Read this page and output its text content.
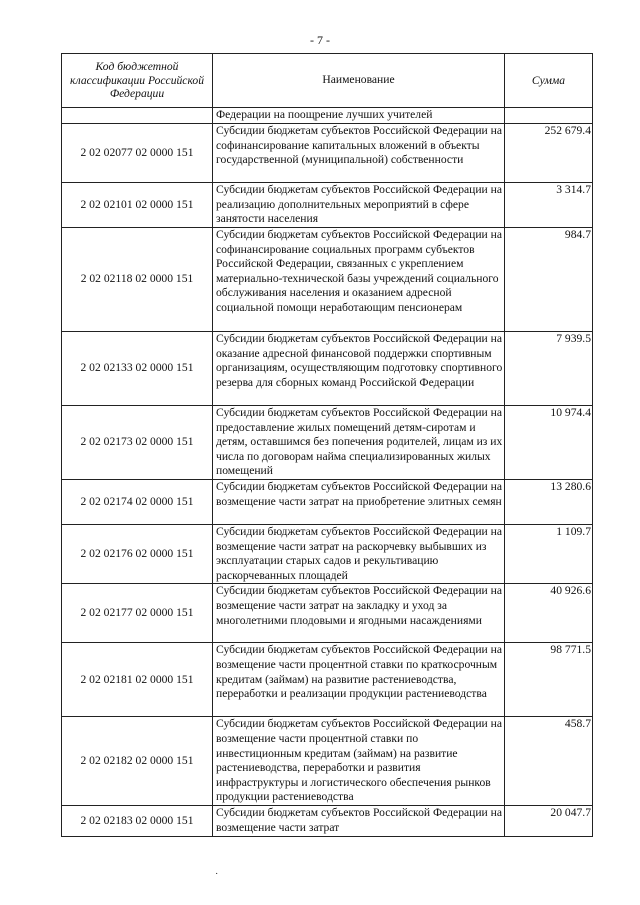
- 7 -
Код бюджетной классификации Российской Федерации	Наименование	Сумма
	Федерации на поощрение лучших учителей	
2 02 02077 02 0000 151	Субсидии бюджетам субъектов Российской Федерации на софинансирование капитальных вложений в объекты государственной (муниципальной) собственности	252 679.4
2 02 02101 02 0000 151	Субсидии бюджетам субъектов Российской Федерации на реализацию дополнительных мероприятий в сфере занятости населения	3 314.7
2 02 02118 02 0000 151	Субсидии бюджетам субъектов Российской Федерации на софинансирование социальных программ субъектов Российской Федерации, связанных с укреплением материально-технической базы учреждений социального обслуживания населения и оказанием адресной социальной помощи неработающим пенсионерам	984.7
2 02 02133 02 0000 151	Субсидии бюджетам субъектов Российской Федерации на оказание адресной финансовой поддержки спортивным организациям, осуществляющим подготовку спортивного резерва для сборных команд Российской Федерации	7 939.5
2 02 02173 02 0000 151	Субсидии бюджетам субъектов Российской Федерации на предоставление жилых помещений детям-сиротам и детям, оставшимся без попечения родителей, лицам из их числа по договорам найма специализированных жилых помещений	10 974.4
2 02 02174 02 0000 151	Субсидии бюджетам субъектов Российской Федерации на возмещение части затрат на приобретение элитных семян	13 280.6
2 02 02176 02 0000 151	Субсидии бюджетам субъектов Российской Федерации на возмещение части затрат на раскорчевку выбывших из эксплуатации старых садов и рекультивацию раскорчеванных площадей	1 109.7
2 02 02177 02 0000 151	Субсидии бюджетам субъектов Российской Федерации на возмещение части затрат на закладку и уход за многолетними плодовыми и ягодными насаждениями	40 926.6
2 02 02181 02 0000 151	Субсидии бюджетам субъектов Российской Федерации на возмещение части процентной ставки по краткосрочным кредитам (займам) на развитие растениеводства, переработки и реализации продукции растениеводства	98 771.5
2 02 02182 02 0000 151	Субсидии бюджетам субъектов Российской Федерации на возмещение части процентной ставки по инвестиционным кредитам (займам) на развитие растениеводства, переработки и развития инфраструктуры и логистического обеспечения рынков продукции растениеводства	458.7
2 02 02183 02 0000 151	Субсидии бюджетам субъектов Российской Федерации на возмещение части затрат	20 047.7
˙
